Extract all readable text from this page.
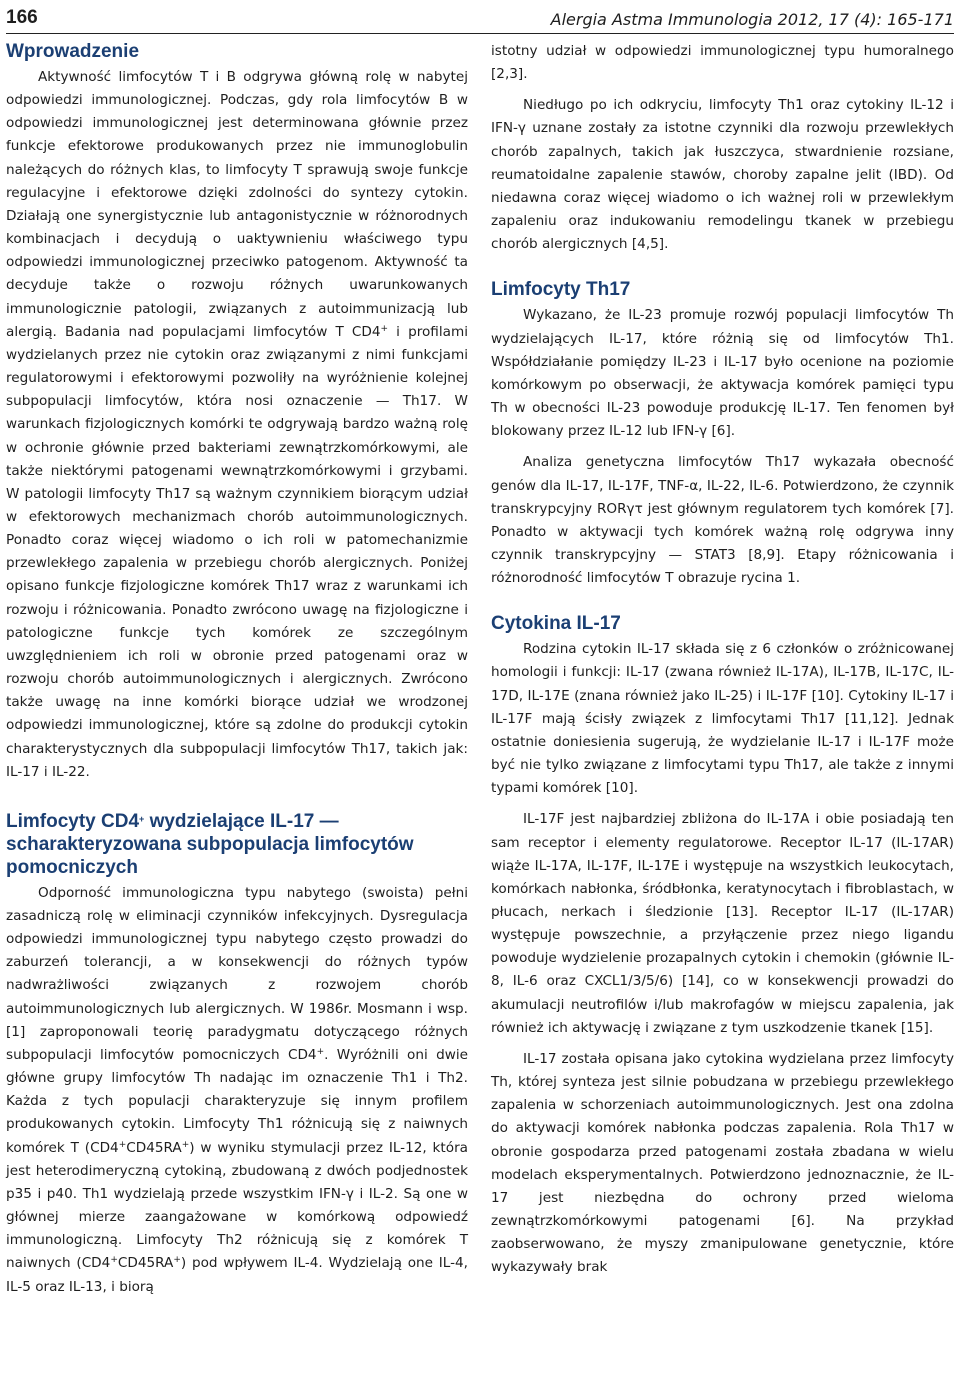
166	Alergia Astma Immunologia 2012, 17 (4): 165-171
Wprowadzenie

Aktywność limfocytów T i B odgrywa główną rolę w nabytej odpowiedzi immunologicznej. Podczas, gdy rola limfocytów B w odpowiedzi immunologicznej jest determinowana głównie przez funkcje efektorowe produkowanych przez nie immunoglobulin należących do różnych klas, to limfocyty T sprawują swoje funkcje regulacyjne i efektorowe dzięki zdolności do syntezy cytokin. Działają one synergistycznie lub antagonistycznie w różnorodnych kombinacjach i decydują o uaktywnieniu właściwego typu odpowiedzi immunologicznej przeciwko patogenom. Aktywność ta decyduje także o rozwoju różnych uwarunkowanych immunologicznie patologii, związanych z autoimmunizacją lub alergią. Badania nad populacjami limfocytów T CD4+ i profilami wydzielanych przez nie cytokin oraz związanymi z nimi funkcjami regulatorowymi i efektorowymi pozwoliły na wyróżnienie kolejnej subpopulacji limfocytów, która nosi oznaczenie — Th17. W warunkach fizjologicznych komórki te odgrywają bardzo ważną rolę w ochronie głównie przed bakteriami zewnątrzkomórkowymi, ale także niektórymi patogenami wewnątrzkomórkowymi i grzybami. W patologii limfocyty Th17 są ważnym czynnikiem biorącym udział w efektorowych mechanizmach chorób autoimmunologicznych. Ponadto coraz więcej wiadomo o ich roli w patomechanizmie przewlekłego zapalenia w przebiegu chorób alergicznych. Poniżej opisano funkcje fizjologiczne komórek Th17 wraz z warunkami ich rozwoju i różnicowania. Ponadto zwrócono uwagę na fizjologiczne i patologiczne funkcje tych komórek ze szczególnym uwzględnieniem ich roli w obronie przed patogenami oraz w rozwoju chorób autoimmunologicznych i alergicznych. Zwrócono także uwagę na inne komórki biorące udział we wrodzonej odpowiedzi immunologicznej, które są zdolne do produkcji cytokin charakterystycznych dla subpopulacji limfocytów Th17, takich jak: IL-17 i IL-22.

Limfocyty CD4+ wydzielające IL-17 — scharakteryzowana subpopulacja limfocytów pomocniczych

Odporność immunologiczna typu nabytego (swoista) pełni zasadniczą rolę w eliminacji czynników infekcyjnych. Dysregulacja odpowiedzi immunologicznej typu nabytego często prowadzi do zaburzeń tolerancji, a w konsekwencji do różnych typów nadwrażliwości związanych z rozwojem chorób autoimmunologicznych lub alergicznych. W 1986r. Mosmann i wsp. [1] zaproponowali teorię paradygmatu dotyczącego różnych subpopulacji limfocytów pomocniczych CD4+. Wyróżnili oni dwie główne grupy limfocytów Th nadając im oznaczenie Th1 i Th2. Każda z tych populacji charakteryzuje się innym profilem produkowanych cytokin. Limfocyty Th1 różnicują się z naiwnych komórek T (CD4+CD45RA+) w wyniku stymulacji przez IL-12, która jest heterodimeryczną cytokiną, zbudowaną z dwóch podjednostek p35 i p40. Th1 wydzielają przede wszystkim IFN-γ i IL-2. Są one w głównej mierze zaangażowane w komórkową odpowiedź immunologiczną. Limfocyty Th2 różnicują się z komórek T naiwnych (CD4+CD45RA+) pod wpływem IL-4. Wydzielają one IL-4, IL-5 oraz IL-13, i biorą

istotny udział w odpowiedzi immunologicznej typu humoralnego [2,3].

Niedługo po ich odkryciu, limfocyty Th1 oraz cytokiny IL-12 i IFN-γ uznane zostały za istotne czynniki dla rozwoju przewlekłych chorób zapalnych, takich jak łuszczyca, stwardnienie rozsiane, reumatoidalne zapalenie stawów, choroby zapalne jelit (IBD). Od niedawna coraz więcej wiadomo o ich ważnej roli w przewlekłym zapaleniu oraz indukowaniu remodelingu tkanek w przebiegu chorób alergicznych [4,5].

Limfocyty Th17

Wykazano, że IL-23 promuje rozwój populacji limfocytów Th wydzielających IL-17, które różnią się od limfocytów Th1. Współdziałanie pomiędzy IL-23 i IL-17 było ocenione na poziomie komórkowym po obserwacji, że aktywacja komórek pamięci typu Th w obecności IL-23 powoduje produkcję IL-17. Ten fenomen był blokowany przez IL-12 lub IFN-γ [6].

Analiza genetyczna limfocytów Th17 wykazała obecność genów dla IL-17, IL-17F, TNF-α, IL-22, IL-6. Potwierdzono, że czynnik transkrypcyjny RORγτ jest głównym regulatorem tych komórek [7]. Ponadto w aktywacji tych komórek ważną rolę odgrywa inny czynnik transkrypcyjny — STAT3 [8,9]. Etapy różnicowania i różnorodność limfocytów T obrazuje rycina 1.

Cytokina IL-17

Rodzina cytokin IL-17 składa się z 6 członków o zróżnicowanej homologii i funkcji: IL-17 (zwana również IL-17A), IL-17B, IL-17C, IL-17D, IL-17E (znana również jako IL-25) i IL-17F [10]. Cytokiny IL-17 i IL-17F mają ścisły związek z limfocytami Th17 [11,12]. Jednak ostatnie doniesienia sugerują, że wydzielanie IL-17 i IL-17F może być nie tylko związane z limfocytami typu Th17, ale także z innymi typami komórek [10].

IL-17F jest najbardziej zbliżona do IL-17A i obie posiadają ten sam receptor i elementy regulatorowe. Receptor IL-17 (IL-17AR) wiąże IL-17A, IL-17F, IL-17E i występuje na wszystkich leukocytach, komórkach nabłonka, śródbłonka, keratynocytach i fibroblastach, w płucach, nerkach i śledzionie [13]. Receptor IL-17 (IL-17AR) występuje powszechnie, a przyłączenie przez niego ligandu powoduje wydzielenie prozapalnych cytokin i chemokin (głównie IL-8, IL-6 oraz CXCL1/3/5/6) [14], co w konsekwencji prowadzi do akumulacji neutrofilów i/lub makrofagów w miejscu zapalenia, jak również ich aktywację i związane z tym uszkodzenie tkanek [15].

IL-17 została opisana jako cytokina wydzielana przez limfocyty Th, której synteza jest silnie pobudzana w przebiegu przewlekłego zapalenia w schorzeniach autoimmunologicznych. Jest ona zdolna do aktywacji komórek nabłonka podczas zapalenia. Rola Th17 w obronie gospodarza przed patogenami została zbadana w wielu modelach eksperymentalnych. Potwierdzono jednoznacznie, że IL-17 jest niezbędna do ochrony przed wieloma zewnątrzkomórkowymi patogenami [6]. Na przykład zaobserwowano, że myszy zmanipulowane genetycznie, które wykazywały brak
